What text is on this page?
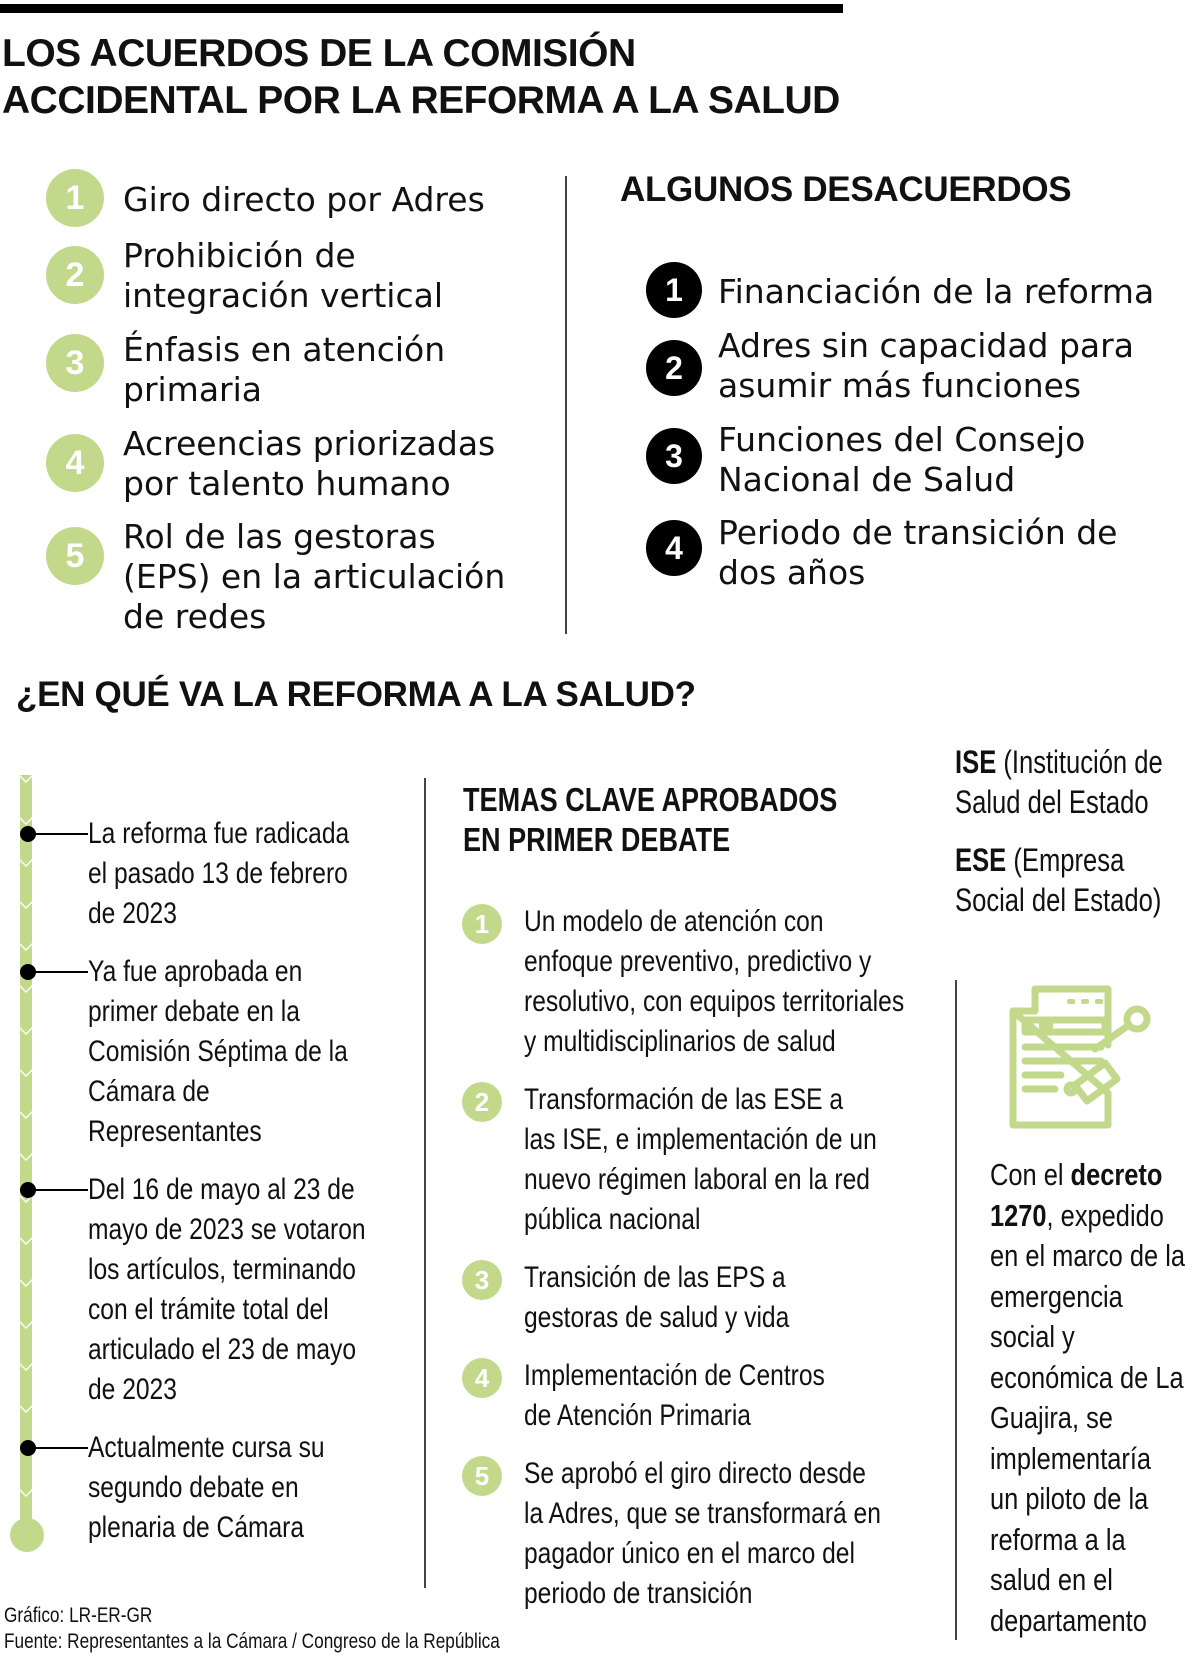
LOS ACUERDOS DE LA COMISIÓN
ACCIDENTAL POR LA REFORMA A LA SALUD
1	Giro directo por Adres
2	Prohibición de
integración vertical
3	Énfasis en atención
primaria
4	Acreencias priorizadas
por talento humano
5	Rol de las gestoras
(EPS) en la articulación
de redes
ALGUNOS DESACUERDOS
1	Financiación de la reforma
2
Adres sin capacidad para
asumir más funciones
3	Funciones del Consejo
Nacional de Salud
4	Periodo de transición de
dos años
¿EN QUÉ VA LA REFORMA A LA SALUD?
La reforma fue radicada
el pasado 13 de febrero
de 2023
Ya fue aprobada en
primer debate en la
Comisión Séptima de la
Cámara de
Representantes
Del 16 de mayo al 23 de
mayo de 2023 se votaron
los artículos, terminando
con el trámite total del
articulado el 23 de mayo
de 2023
Actualmente cursa su
segundo debate en
plenaria de Cámara
TEMAS CLAVE APROBADOS
EN PRIMER DEBATE
1	Un modelo de atención con
enfoque preventivo, predictivo y
resolutivo, con equipos territoriales
y multidisciplinarios de salud
2	Transformación de las ESE a
las ISE, e implementación de un
nuevo régimen laboral en la red
pública nacional
3	Transición de las EPS a
gestoras de salud y vida
4	Implementación de Centros
de Atención Primaria
5	Se aprobó el giro directo desde
la Adres, que se transformará en
pagador único en el marco del
periodo de transición
ISE (Institución de
Salud del Estado
ESE (Empresa
Social del Estado)
Con el decreto
1270, expedido
en el marco de la
emergencia
social y
económica de La
Guajira, se
implementaría
un piloto de la
reforma a la
salud en el
departamento
Gráfico: LR-ER-GR
Fuente: Representantes a la Cámara / Congreso de la República
